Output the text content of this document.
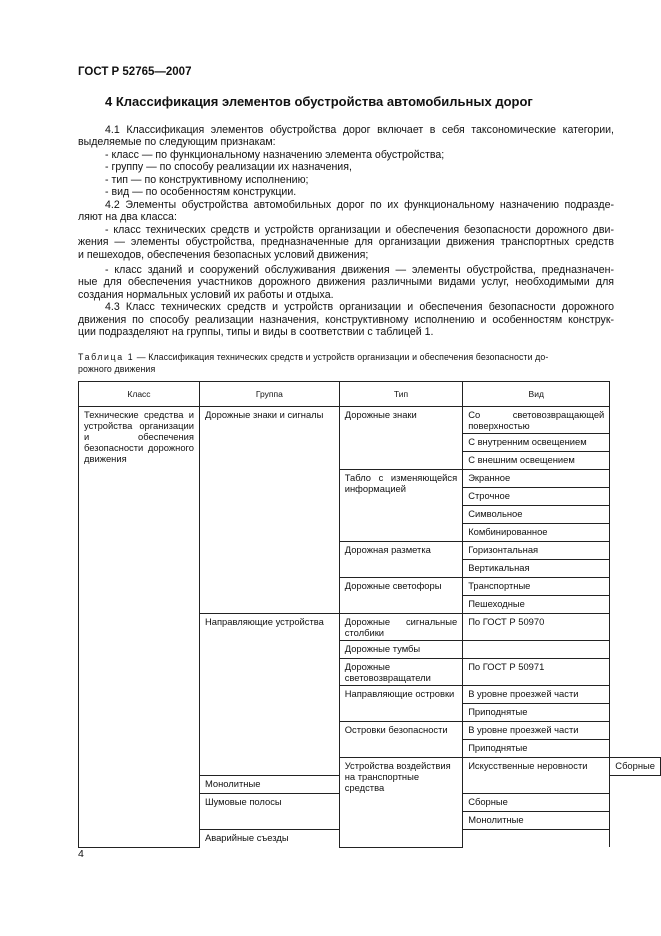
ГОСТ Р 52765—2007
4 Классификация элементов обустройства автомобильных дорог
4.1 Классификация элементов обустройства дорог включает в себя таксономические категории,
выделяемые по следующим признакам:
- класс — по функциональному назначению элемента обустройства;
- группу — по способу реализации их назначения,
- тип — по конструктивному исполнению;
- вид — по особенностям конструкции.
4.2 Элементы обустройства автомобильных дорог по их функциональному назначению подразде-
ляют на два класса:
- класс технических средств и устройств организации и обеспечения безопасности дорожного дви-
жения — элементы обустройства, предназначенные для организации движения транспортных средств
и пешеходов, обеспечения безопасных условий движения;
- класс зданий и сооружений обслуживания движения — элементы обустройства, предназначен-
ные для обеспечения участников дорожного движения различными видами услуг, необходимыми для
создания нормальных условий их работы и отдыха.
4.3 Класс технических средств и устройств организации и обеспечения безопасности дорожного
движения по способу реализации назначения, конструктивному исполнению и особенностям конструк-
ции подразделяют на группы, типы и виды в соответствии с таблицей 1.
Таблица 1 — Классификация технических средств и устройств организации и обеспечения безопасности до-
рожного движения
Класс	Группа	Тип	Вид	
Технические средства и устройства организации и обеспечения безопасности дорожного движения	Дорожные знаки и сигналы	Дорожные знаки	Со световозвращающей поверхностью	
			С внутренним освещением	
			С внешним освещением	
		Табло с изменяющейся информацией	Экранное	
			Строчное	
			Символьное	
			Комбинированное	
		Дорожная разметка	Горизонтальная	
			Вертикальная	
		Дорожные светофоры	Транспортные	
			Пешеходные	
	Направляющие устройства	Дорожные сигнальные столбики	По ГОСТ Р 50970	
		Дорожные тумбы		
		Дорожные световозвращатели	По ГОСТ Р 50971	
		Направляющие островки	В уровне проезжей части	
			Приподнятые	
		Островки безопасности	В уровне проезжей части	
			Приподнятые	
		Устройства воздействия на транспортные средства	Искусственные неровности	Сборные
	Монолитные			
	Шумовые полосы		Сборные	
			Монолитные	
	Аварийные съезды			
4
